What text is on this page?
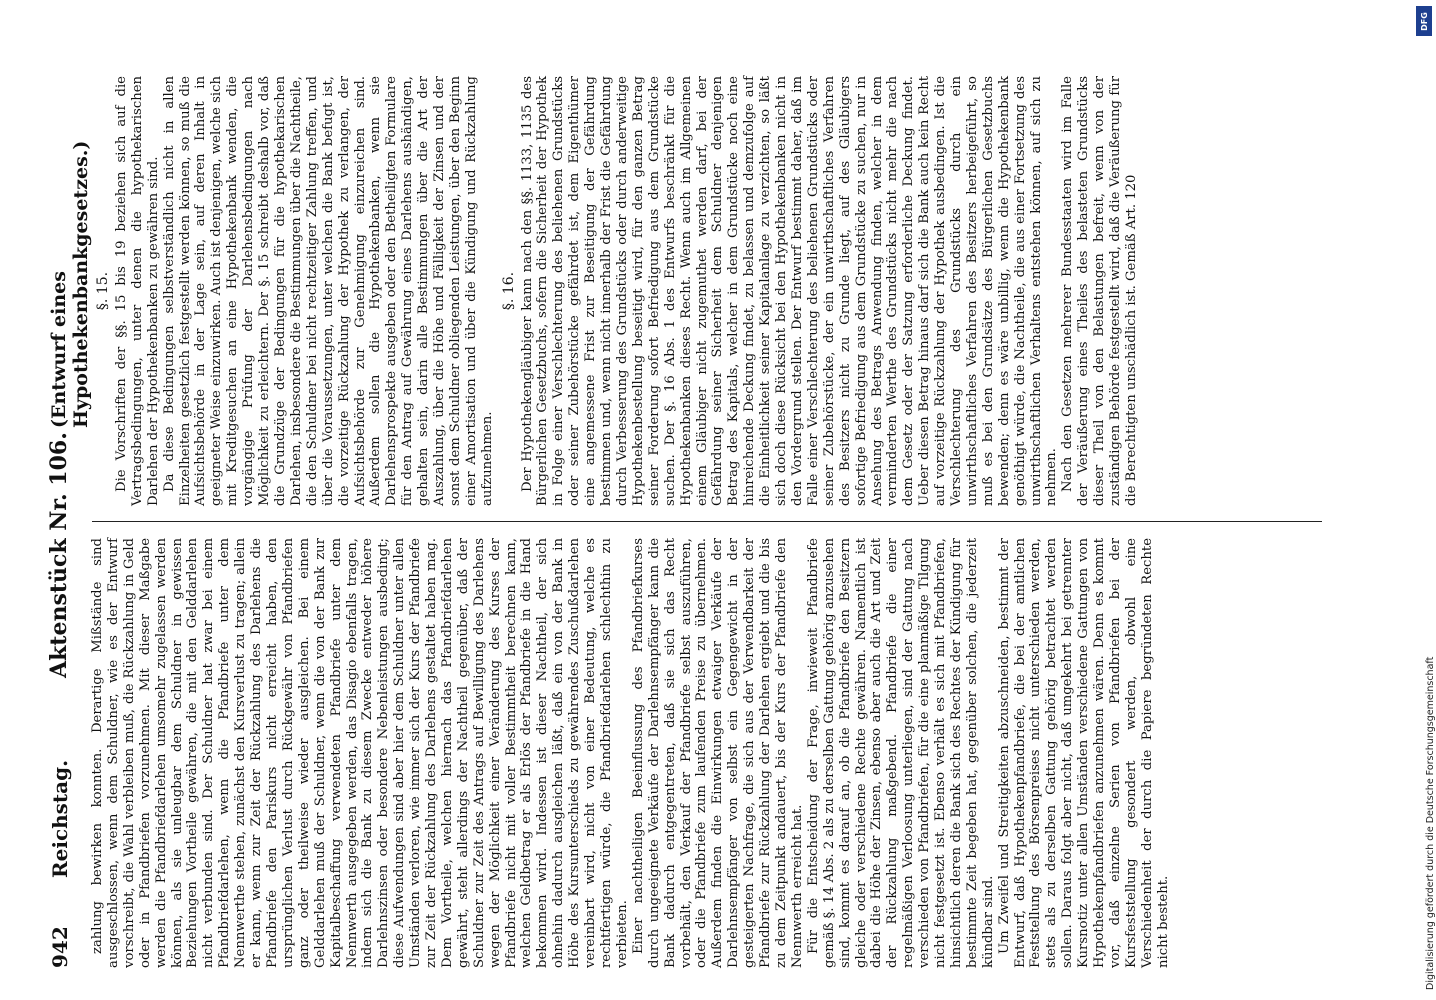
942
Reichstag.
Aktenstück Nr. 106.
(Entwurf eines Hypothekenbankgesetzes.)

zahlung bewirken konnten. Derartige Mißstände sind ausgeschlossen, wenn dem Schuldner, wie es der Entwurf vorschreibt, die Wahl verbleiben muß, die Rückzahlung in Geld oder in Pfandbriefen vorzunehmen. Mit dieser Maßgabe werden die Pfandbriefdarlehen umsomehr zugelassen werden können, als sie unleugbar dem Schuldner in gewissen Beziehungen Vortheile gewähren, die mit den Gelddarlehen nicht verbunden sind. Der Schuldner hat zwar bei einem Pfandbriefdarlehen, wenn die Pfandbriefe unter dem Nennwerthe stehen, zunächst den Kursverlust zu tragen; allein er kann, wenn zur Zeit der Rückzahlung des Darlehens die Pfandbriefe den Pariskurs nicht erreicht haben, den ursprünglichen Verlust durch Rückgewähr von Pfandbriefen ganz oder theilweise wieder ausgleichen. Bei einem Gelddarlehen muß der Schuldner, wenn die von der Bank zur Kapitalbeschaffung verwendeten Pfandbriefe unter dem Nennwerth ausgegeben werden, das Disagio ebenfalls tragen, indem sich die Bank zu diesem Zwecke entweder höhere Darlehnszinsen oder besondere Nebenleistungen ausbedingt; diese Aufwendungen sind aber hier dem Schuldner unter allen Umständen verloren, wie immer sich der Kurs der Pfandbriefe zur Zeit der Rückzahlung des Darlehens gestaltet haben mag. Dem Vortheile, welchen hiernach das Pfandbriefdarlehen gewährt, steht allerdings der Nachtheil gegenüber, daß der Schuldner zur Zeit des Antrags auf Bewilligung des Darlehens wegen der Möglichkeit einer Veränderung des Kurses der Pfandbriefe nicht mit voller Bestimmtheit berechnen kann, welchen Geldbetrag er als Erlös der Pfandbriefe in die Hand bekommen wird. Indessen ist dieser Nachtheil, der sich ohnehin dadurch ausgleichen läßt, daß ein von der Bank in Höhe des Kursunterschieds zu gewährendes Zuschußdarlehen vereinbart wird, nicht von einer Bedeutung, welche es rechtfertigen würde, die Pfandbriefdarlehen schlechthin zu verbieten. Einer nachtheiligen Beeinflussung des Pfandbriefkurses durch ungeeignete Verkäufe der Darlehnsempfänger kann die Bank dadurch entgegentreten, daß sie sich das Recht vorbehält, den Verkauf der Pfandbriefe selbst auszuführen, oder die Pfandbriefe zum laufenden Preise zu übernehmen. Außerdem finden die Einwirkungen etwaiger Verkäufe der Darlehnsempfänger von selbst ein Gegengewicht in der gesteigerten Nachfrage, die sich aus der Verwendbarkeit der Pfandbriefe zur Rückzahlung der Darlehen ergiebt und die bis zu dem Zeitpunkt andauert, bis der Kurs der Pfandbriefe den Nennwerth erreicht hat. Für die Entscheidung der Frage, inwieweit Pfandbriefe gemäß §. 14 Abs. 2 als zu derselben Gattung gehörig anzusehen sind, kommt es darauf an, ob die Pfandbriefe den Besitzern gleiche oder verschiedene Rechte gewähren. Namentlich ist dabei die Höhe der Zinsen, ebenso aber auch die Art und Zeit der Rückzahlung maßgebend. Pfandbriefe die einer regelmäßigen Verloosung unterliegen, sind der Gattung nach verschieden von Pfandbriefen, für die eine planmäßige Tilgung nicht festgesetzt ist. Ebenso verhält es sich mit Pfandbriefen, hinsichtlich deren die Bank sich des Rechtes der Kündigung für bestimmte Zeit begeben hat, gegenüber solchen, die jederzeit kündbar sind. Um Zweifel und Streitigkeiten abzuschneiden, bestimmt der Entwurf, daß Hypothekenpfandbriefe, die bei der amtlichen Feststellung des Börsenpreises nicht unterschieden werden, stets als zu derselben Gattung gehörig betrachtet werden sollen. Daraus folgt aber nicht, daß umgekehrt bei getrennter Kursnotiz unter allen Umständen verschiedene Gattungen von Hypothekenpfandbriefen anzunehmen wären. Denn es kommt vor, daß einzelne Serien von Pfandbriefen bei der Kursfeststellung gesondert werden, obwohl eine Verschiedenheit der durch die Papiere begründeten Rechte nicht besteht.

§. 15. Die Vorschriften der §§. 15 bis 19 beziehen sich auf die Vertragsbedingungen, unter denen die hypothekarischen Darlehen der Hypothekenbanken zu gewähren sind. Da diese Bedingungen selbstverständlich nicht in allen Einzelheiten gesetzlich festgestellt werden können, so muß die Aufsichtsbehörde in der Lage sein, auf deren Inhalt in geeigneter Weise einzuwirken. Auch ist denjenigen, welche sich mit Kreditgesuchen an eine Hypothekenbank wenden, die vorgängige Prüfung der Darlehensbedingungen nach Möglichkeit zu erleichtern. Der §. 15 schreibt deshalb vor, daß die Grundzüge der Bedingungen für die hypothekarischen Darlehen, insbesondere die Bestimmungen über die Nachtheile, die den Schuldner bei nicht rechtzeitiger Zahlung treffen, und über die Voraussetzungen, unter welchen die Bank befugt ist, die vorzeitige Rückzahlung der Hypothek zu verlangen, der Aufsichtsbehörde zur Genehmigung einzureichen sind. Außerdem sollen die Hypothekenbanken, wenn sie Darlehensprospekte ausgeben oder den Betheiligten Formulare für den Antrag auf Gewährung eines Darlehens aushändigen, gehalten sein, darin alle Bestimmungen über die Art der Auszahlung, über die Höhe und Fälligkeit der Zinsen und der sonst dem Schuldner obliegenden Leistungen, über den Beginn einer Amortisation und über die Kündigung und Rückzahlung aufzunehmen.

§. 16. Der Hypothekengläubiger kann nach den §§. 1133, 1135 des Bürgerlichen Gesetzbuchs, sofern die Sicherheit der Hypothek in Folge einer Verschlechterung des beliehenen Grundstücks oder seiner Zubehörstücke gefährdet ist, dem Eigenthümer eine angemessene Frist zur Beseitigung der Gefährdung bestimmen und, wenn nicht innerhalb der Frist die Gefährdung durch Verbesserung des Grundstücks oder durch anderweitige Hypothekenbestellung beseitigt wird, für den ganzen Betrag seiner Forderung sofort Befriedigung aus dem Grundstücke suchen. Der §. 16 Abs. 1 des Entwurfs beschränkt für die Hypothekenbanken dieses Recht. Wenn auch im Allgemeinen einem Gläubiger nicht zugemuthet werden darf, bei der Gefährdung seiner Sicherheit dem Schuldner denjenigen Betrag des Kapitals, welcher in dem Grundstücke noch eine hinreichende Deckung findet, zu belassen und demzufolge auf die Einheitlichkeit seiner Kapitalanlage zu verzichten, so läßt sich doch diese Rücksicht bei den Hypothekenbanken nicht in den Vordergrund stellen. Der Entwurf bestimmt daher, daß im Falle einer Verschlechterung des beliehenen Grundstücks oder seiner Zubehörstücke, der ein unwirthschaftliches Verfahren des Besitzers nicht zu Grunde liegt, auf des Gläubigers sofortige Befriedigung aus dem Grundstücke zu suchen, nur in Ansehung des Betrags Anwendung finden, welcher in dem verminderten Werthe des Grundstücks nicht mehr die nach dem Gesetz oder der Satzung erforderliche Deckung findet. Ueber diesen Betrag hinaus darf sich die Bank auch kein Recht auf vorzeitige Rückzahlung der Hypothek ausbedingen. Ist die Verschlechterung des Grundstücks durch ein unwirthschaftliches Verfahren des Besitzers herbeigeführt, so muß es bei den Grundsätze des Bürgerlichen Gesetzbuchs bewenden; denn es wäre unbillig, wenn die Hypothekenbank genöthigt würde, die Nachtheile, die aus einer Fortsetzung des unwirthschaftlichen Verhaltens entstehen können, auf sich zu nehmen. Nach den Gesetzen mehrerer Bundesstaaten wird im Falle der Veräußerung eines Theiles des belasteten Grundstücks dieser Theil von den Belastungen befreit, wenn von der zuständigen Behörde festgestellt wird, daß die Veräußerung für die Berechtigten unschädlich ist. Gemäß Art. 120

DFG
Digitalisierung gefördert durch die Deutsche Forschungsgemeinschaft
